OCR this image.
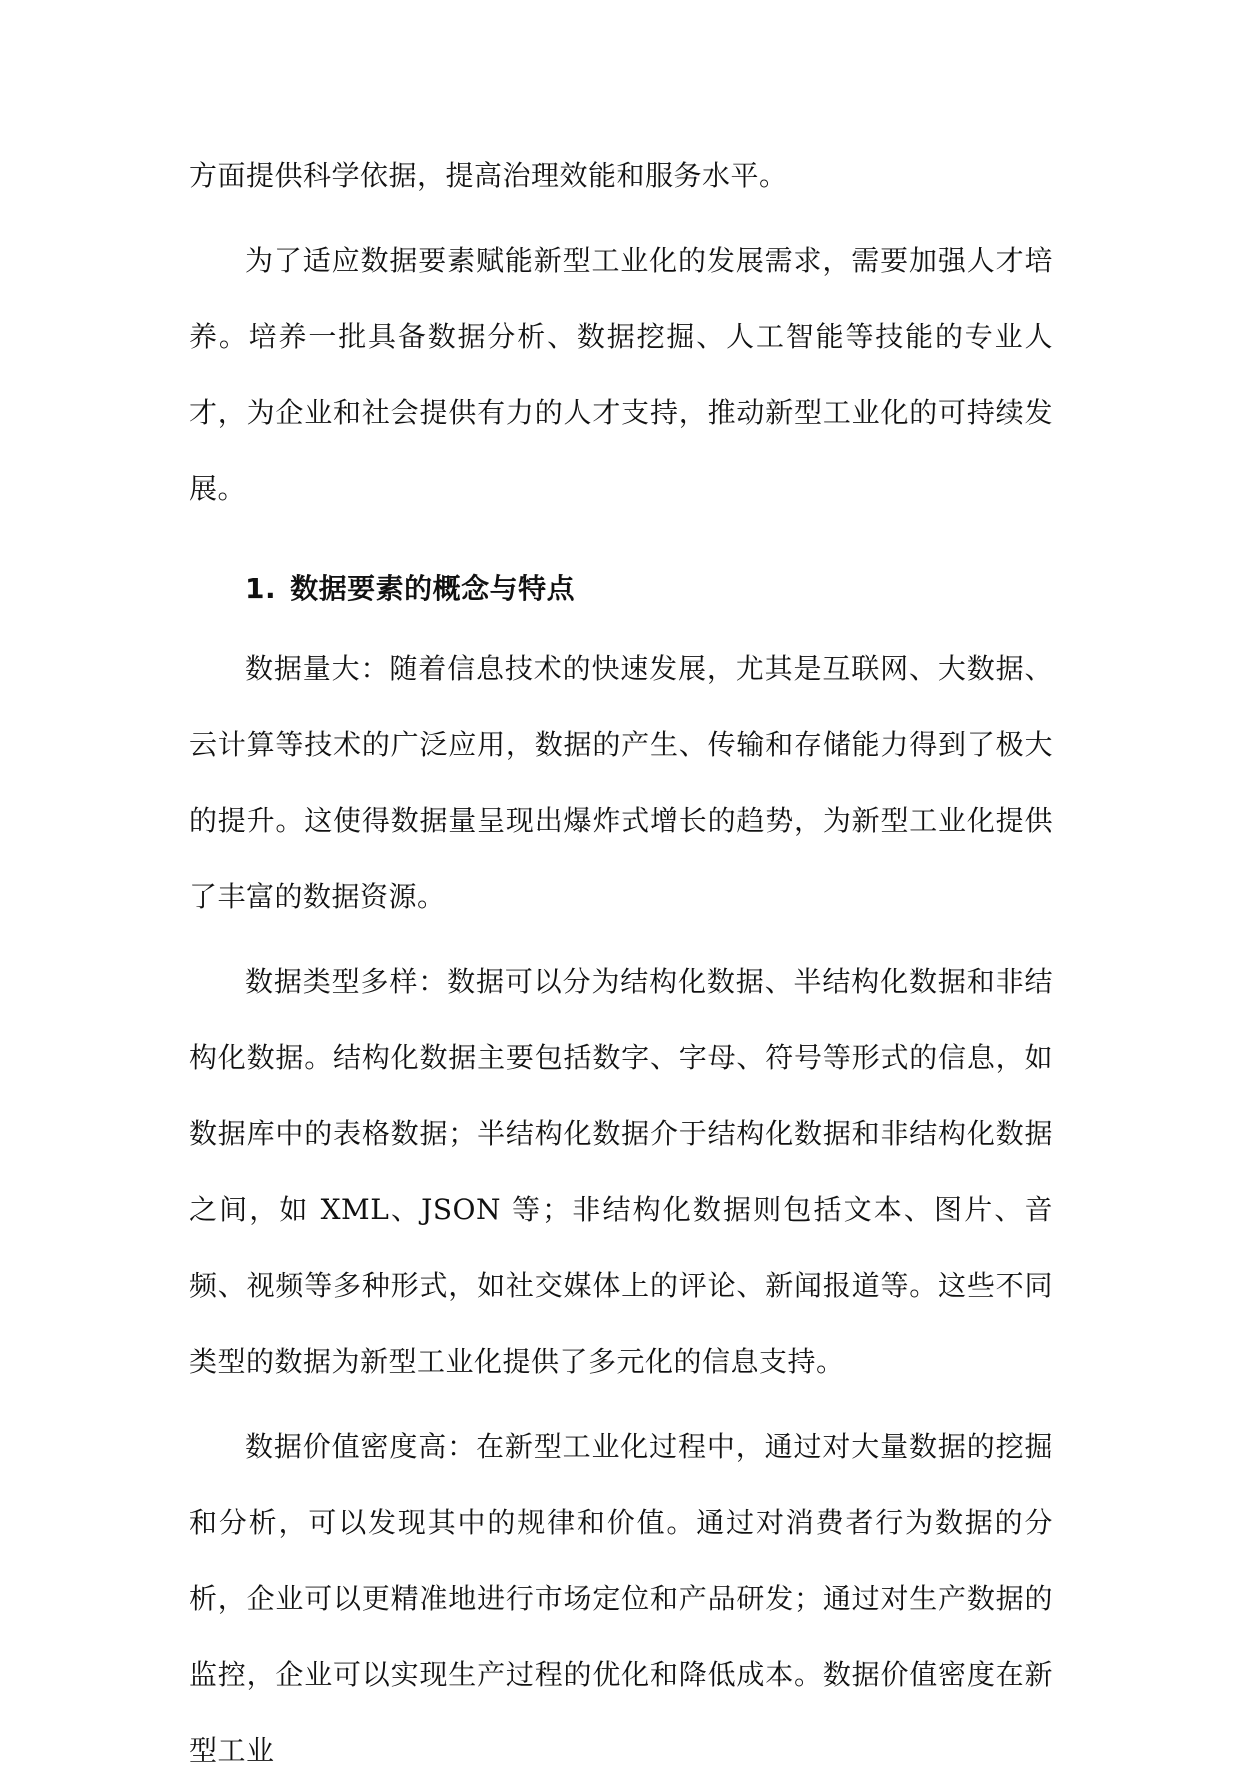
方面提供科学依据，提高治理效能和服务水平。

为了适应数据要素赋能新型工业化的发展需求，需要加强人才培养。培养一批具备数据分析、数据挖掘、人工智能等技能的专业人才，为企业和社会提供有力的人才支持，推动新型工业化的可持续发展。

1. 数据要素的概念与特点

数据量大：随着信息技术的快速发展，尤其是互联网、大数据、云计算等技术的广泛应用，数据的产生、传输和存储能力得到了极大的提升。这使得数据量呈现出爆炸式增长的趋势，为新型工业化提供了丰富的数据资源。

数据类型多样：数据可以分为结构化数据、半结构化数据和非结构化数据。结构化数据主要包括数字、字母、符号等形式的信息，如数据库中的表格数据；半结构化数据介于结构化数据和非结构化数据之间，如 XML、JSON 等；非结构化数据则包括文本、图片、音频、视频等多种形式，如社交媒体上的评论、新闻报道等。这些不同类型的数据为新型工业化提供了多元化的信息支持。

数据价值密度高：在新型工业化过程中，通过对大量数据的挖掘和分析，可以发现其中的规律和价值。通过对消费者行为数据的分析，企业可以更精准地进行市场定位和产品研发；通过对生产数据的监控，企业可以实现生产过程的优化和降低成本。数据价值密度在新型工业
